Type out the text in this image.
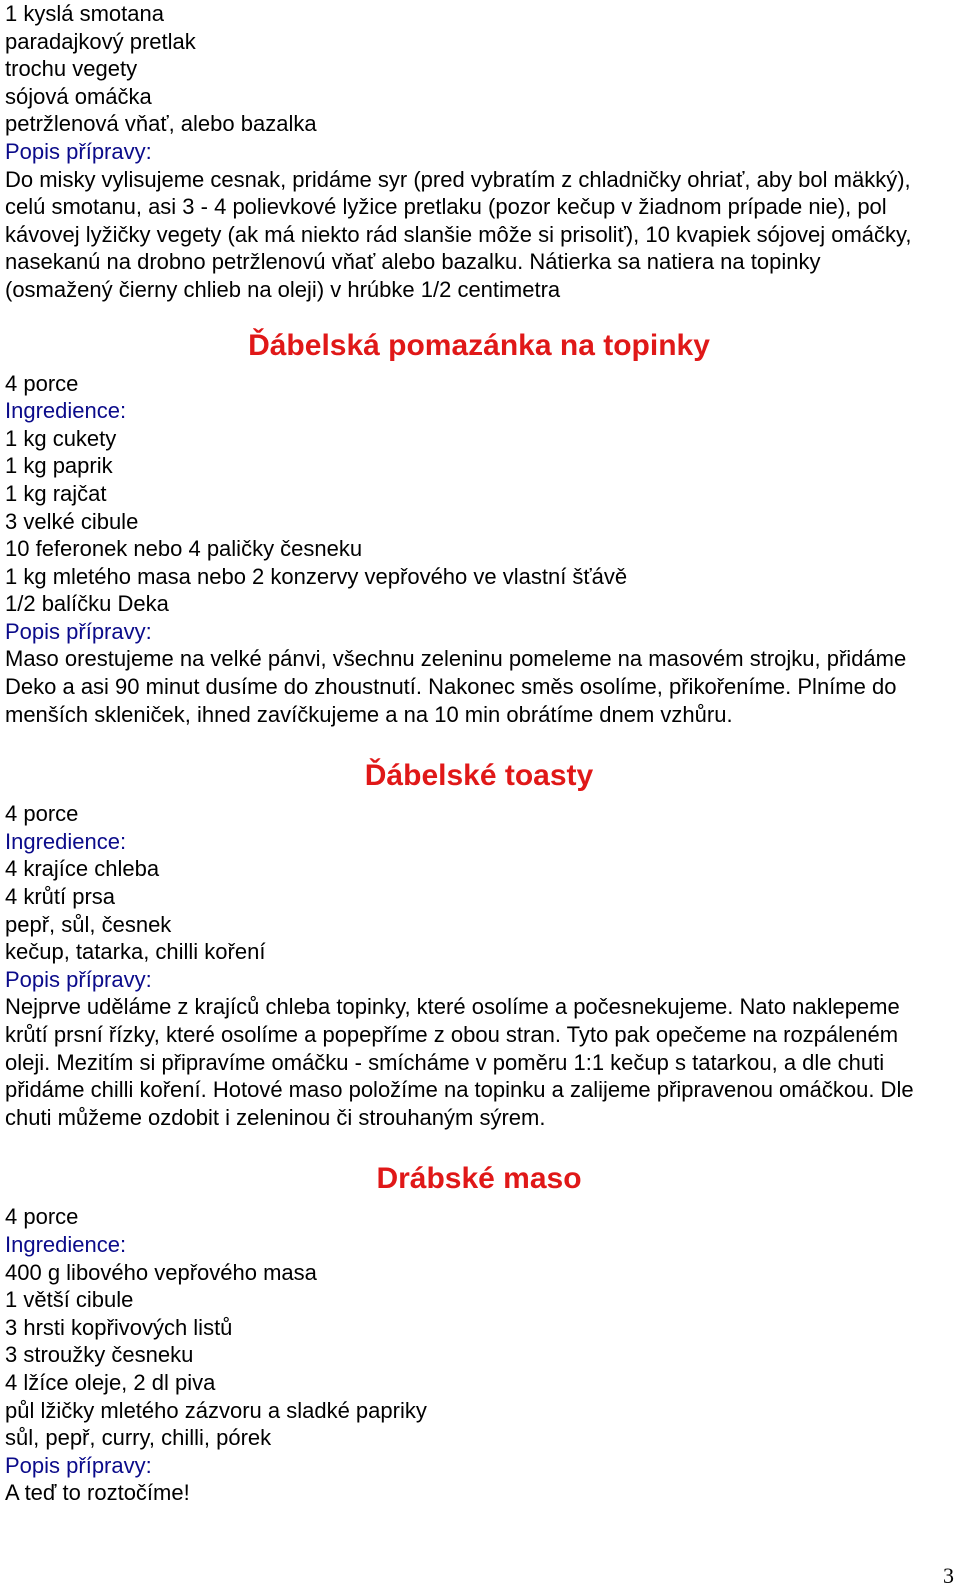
1 kyslá smotana
paradajkový pretlak
trochu vegety
sójová omáčka
petržlenová vňať, alebo bazalka
Popis přípravy:
Do misky vylisujeme cesnak, pridáme syr (pred vybratím z chladničky ohriať, aby bol mäkký), celú smotanu, asi 3 - 4 polievkové lyžice pretlaku (pozor kečup v žiadnom prípade nie), pol kávovej lyžičky vegety (ak má niekto rád slanšie môže si prisoliť), 10 kvapiek sójovej omáčky, nasekanú na drobno petržlenovú vňať alebo bazalku. Nátierka sa natiera na topinky (osmažený čierny chlieb na oleji) v hrúbke 1/2 centimetra
Ďábelská pomazánka na topinky
4 porce
Ingredience:
1 kg cukety
1 kg paprik
1 kg rajčat
3 velké cibule
10 feferonek nebo 4 paličky česneku
1 kg mletého masa nebo 2 konzervy vepřového ve vlastní šťávě
1/2 balíčku Deka
Popis přípravy:
Maso orestujeme na velké pánvi, všechnu zeleninu pomeleme na masovém strojku, přidáme Deko a asi 90 minut dusíme do zhoustnutí. Nakonec směs osolíme, přikořeníme. Plníme do menších skleniček, ihned zavíčkujeme a na 10 min obrátíme dnem vzhůru.
Ďábelské toasty
4 porce
Ingredience:
4 krajíce chleba
4 krůtí prsa
pepř, sůl, česnek
kečup, tatarka, chilli koření
Popis přípravy:
Nejprve uděláme z krajíců chleba topinky, které osolíme a počesnekujeme. Nato naklepeme krůtí prsní řízky, které osolíme a popepříme z obou stran. Tyto pak opečeme na rozpáleném oleji. Mezitím si připravíme omáčku - smícháme v poměru 1:1 kečup s tatarkou, a dle chuti přidáme chilli koření. Hotové maso položíme na topinku a zalijeme připravenou omáčkou. Dle chuti můžeme ozdobit i zeleninou či strouhaným sýrem.
Drábské maso
4 porce
Ingredience:
400 g libového vepřového masa
1 větší cibule
3 hrsti kopřivových listů
3 stroužky česneku
4 lžíce oleje, 2 dl piva
půl lžičky mletého zázvoru a sladké papriky
sůl, pepř, curry, chilli, pórek
Popis přípravy:
A teď to roztočíme!
3
